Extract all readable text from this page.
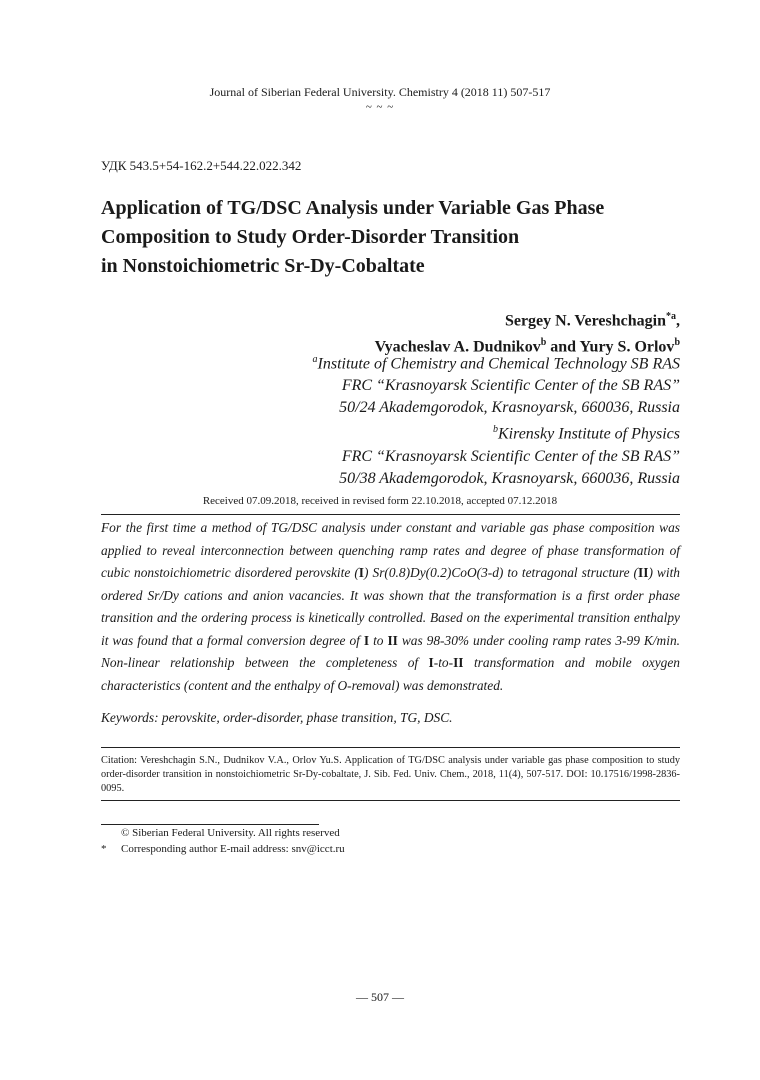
Journal of Siberian Federal University. Chemistry 4 (2018 11) 507-517
~ ~ ~
УДК 543.5+54-162.2+544.22.022.342
Application of TG/DSC Analysis under Variable Gas Phase
Composition to Study Order-Disorder Transition
in Nonstoichiometric Sr-Dy-Cobaltate
Sergey N. Vereshchagin$^{*a}$,
Vyacheslav A. Dudnikov$^b$ and Yury S. Orlov$^b$
$^a$Institute of Chemistry and Chemical Technology SB RAS
FRC “Krasnoyarsk Scientific Center of the SB RAS”
50/24 Akademgorodok, Krasnoyarsk, 660036, Russia
$^b$Kirensky Institute of Physics
FRC “Krasnoyarsk Scientific Center of the SB RAS”
50/38 Akademgorodok, Krasnoyarsk, 660036, Russia
Received 07.09.2018, received in revised form 22.10.2018, accepted 07.12.2018
For the first time a method of TG/DSC analysis under constant and variable gas phase composition was applied to reveal interconnection between quenching ramp rates and degree of phase transformation of cubic nonstoichiometric disordered perovskite (I) Sr(0.8)Dy(0.2)CoO(3-d) to tetragonal structure (II) with ordered Sr/Dy cations and anion vacancies. It was shown that the transformation is a first order phase transition and the ordering process is kinetically controlled. Based on the experimental transition enthalpy it was found that a formal conversion degree of I to II was 98-30% under cooling ramp rates 3-99 K/min. Non-linear relationship between the completeness of I-to-II transformation and mobile oxygen characteristics (content and the enthalpy of O-removal) was demonstrated.
Keywords: perovskite, order-disorder, phase transition, TG, DSC.
Citation: Vereshchagin S.N., Dudnikov V.A., Orlov Yu.S. Application of TG/DSC analysis under variable gas phase composition to study order-disorder transition in nonstoichiometric Sr-Dy-cobaltate, J. Sib. Fed. Univ. Chem., 2018, 11(4), 507-517. DOI: 10.17516/1998-2836-0095.
© Siberian Federal University. All rights reserved
* Corresponding author E-mail address: snv@icct.ru
— 507 —
